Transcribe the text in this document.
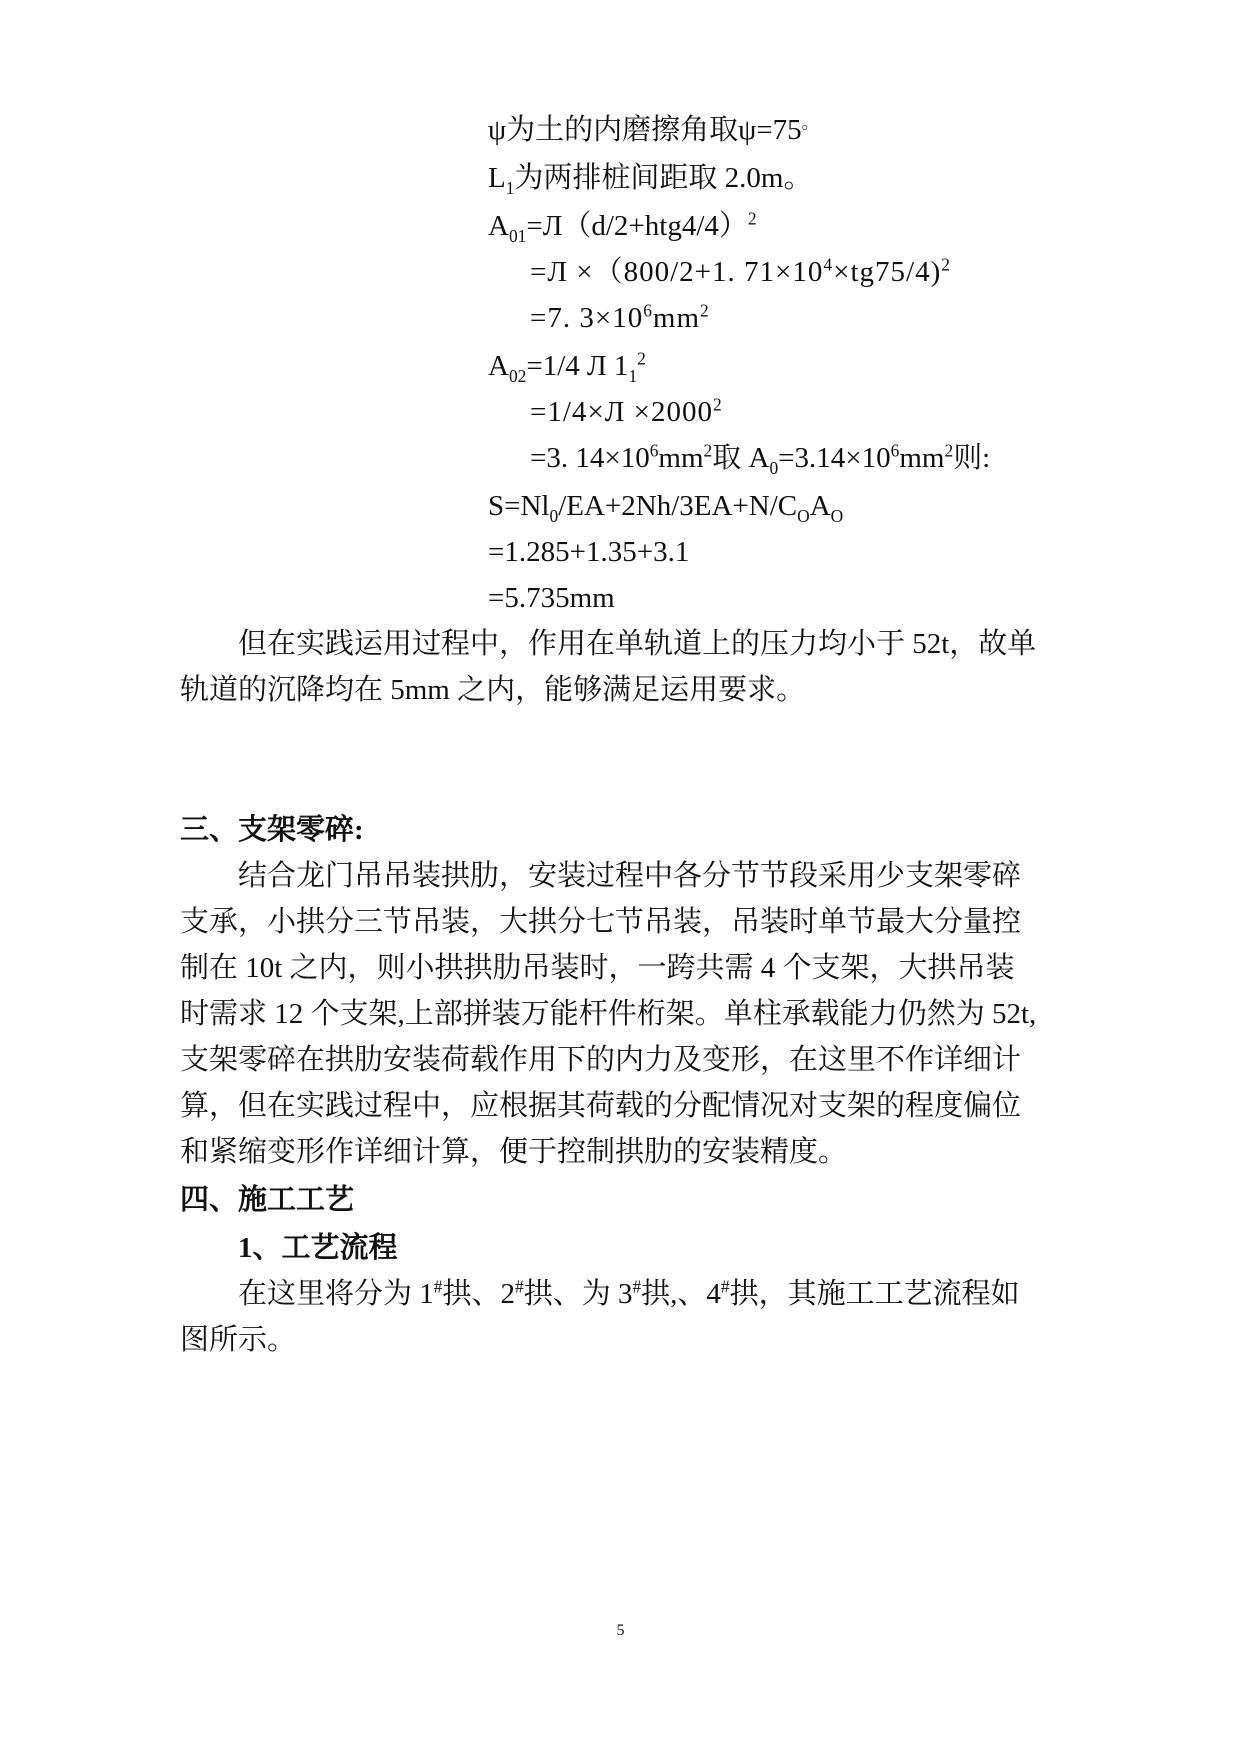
ψ为土的内磨擦角取ψ=75。
$L_1$为两排桩间距取 2.0m。
$A_{01}=Л(d/2+htg4/4)^2$
=Л ×（800/2+1. $71\times 10^4\times tg75/4)^2$
=7. $3\times 10^6mm^2$
$A_{02}=1/4$ Л $1_1^2$
$=1/4\times Л \times 2000^2$
=3. $14\times 10^6mm^2$取 $A_0=3.14\times 10^6mm^2$则:
$S=Nl_0/EA+2Nh/3EA+N/C_OA_O$
=1.285+1.35+3.1
=5.735mm
但在实践运用过程中，作用在单轨道上的压力均小于 52t，故单
轨道的沉降均在 5mm 之内，能够满足运用要求。
三、支架零碎:
结合龙门吊吊装拱肋，安装过程中各分节节段采用少支架零碎
支承，小拱分三节吊装，大拱分七节吊装，吊装时单节最大分量控
制在 10t 之内，则小拱拱肋吊装时，一跨共需 4 个支架，大拱吊装
时需求 12 个支架,上部拼装万能杆件桁架。单柱承载能力仍然为 52t,
支架零碎在拱肋安装荷载作用下的内力及变形，在这里不作详细计
算，但在实践过程中，应根据其荷载的分配情况对支架的程度偏位
和紧缩变形作详细计算，便于控制拱肋的安装精度。
四、施工工艺
1、工艺流程
在这里将分为 1#拱、2#拱、为 3#拱,、4#拱，其施工工艺流程如
图所示。
5
